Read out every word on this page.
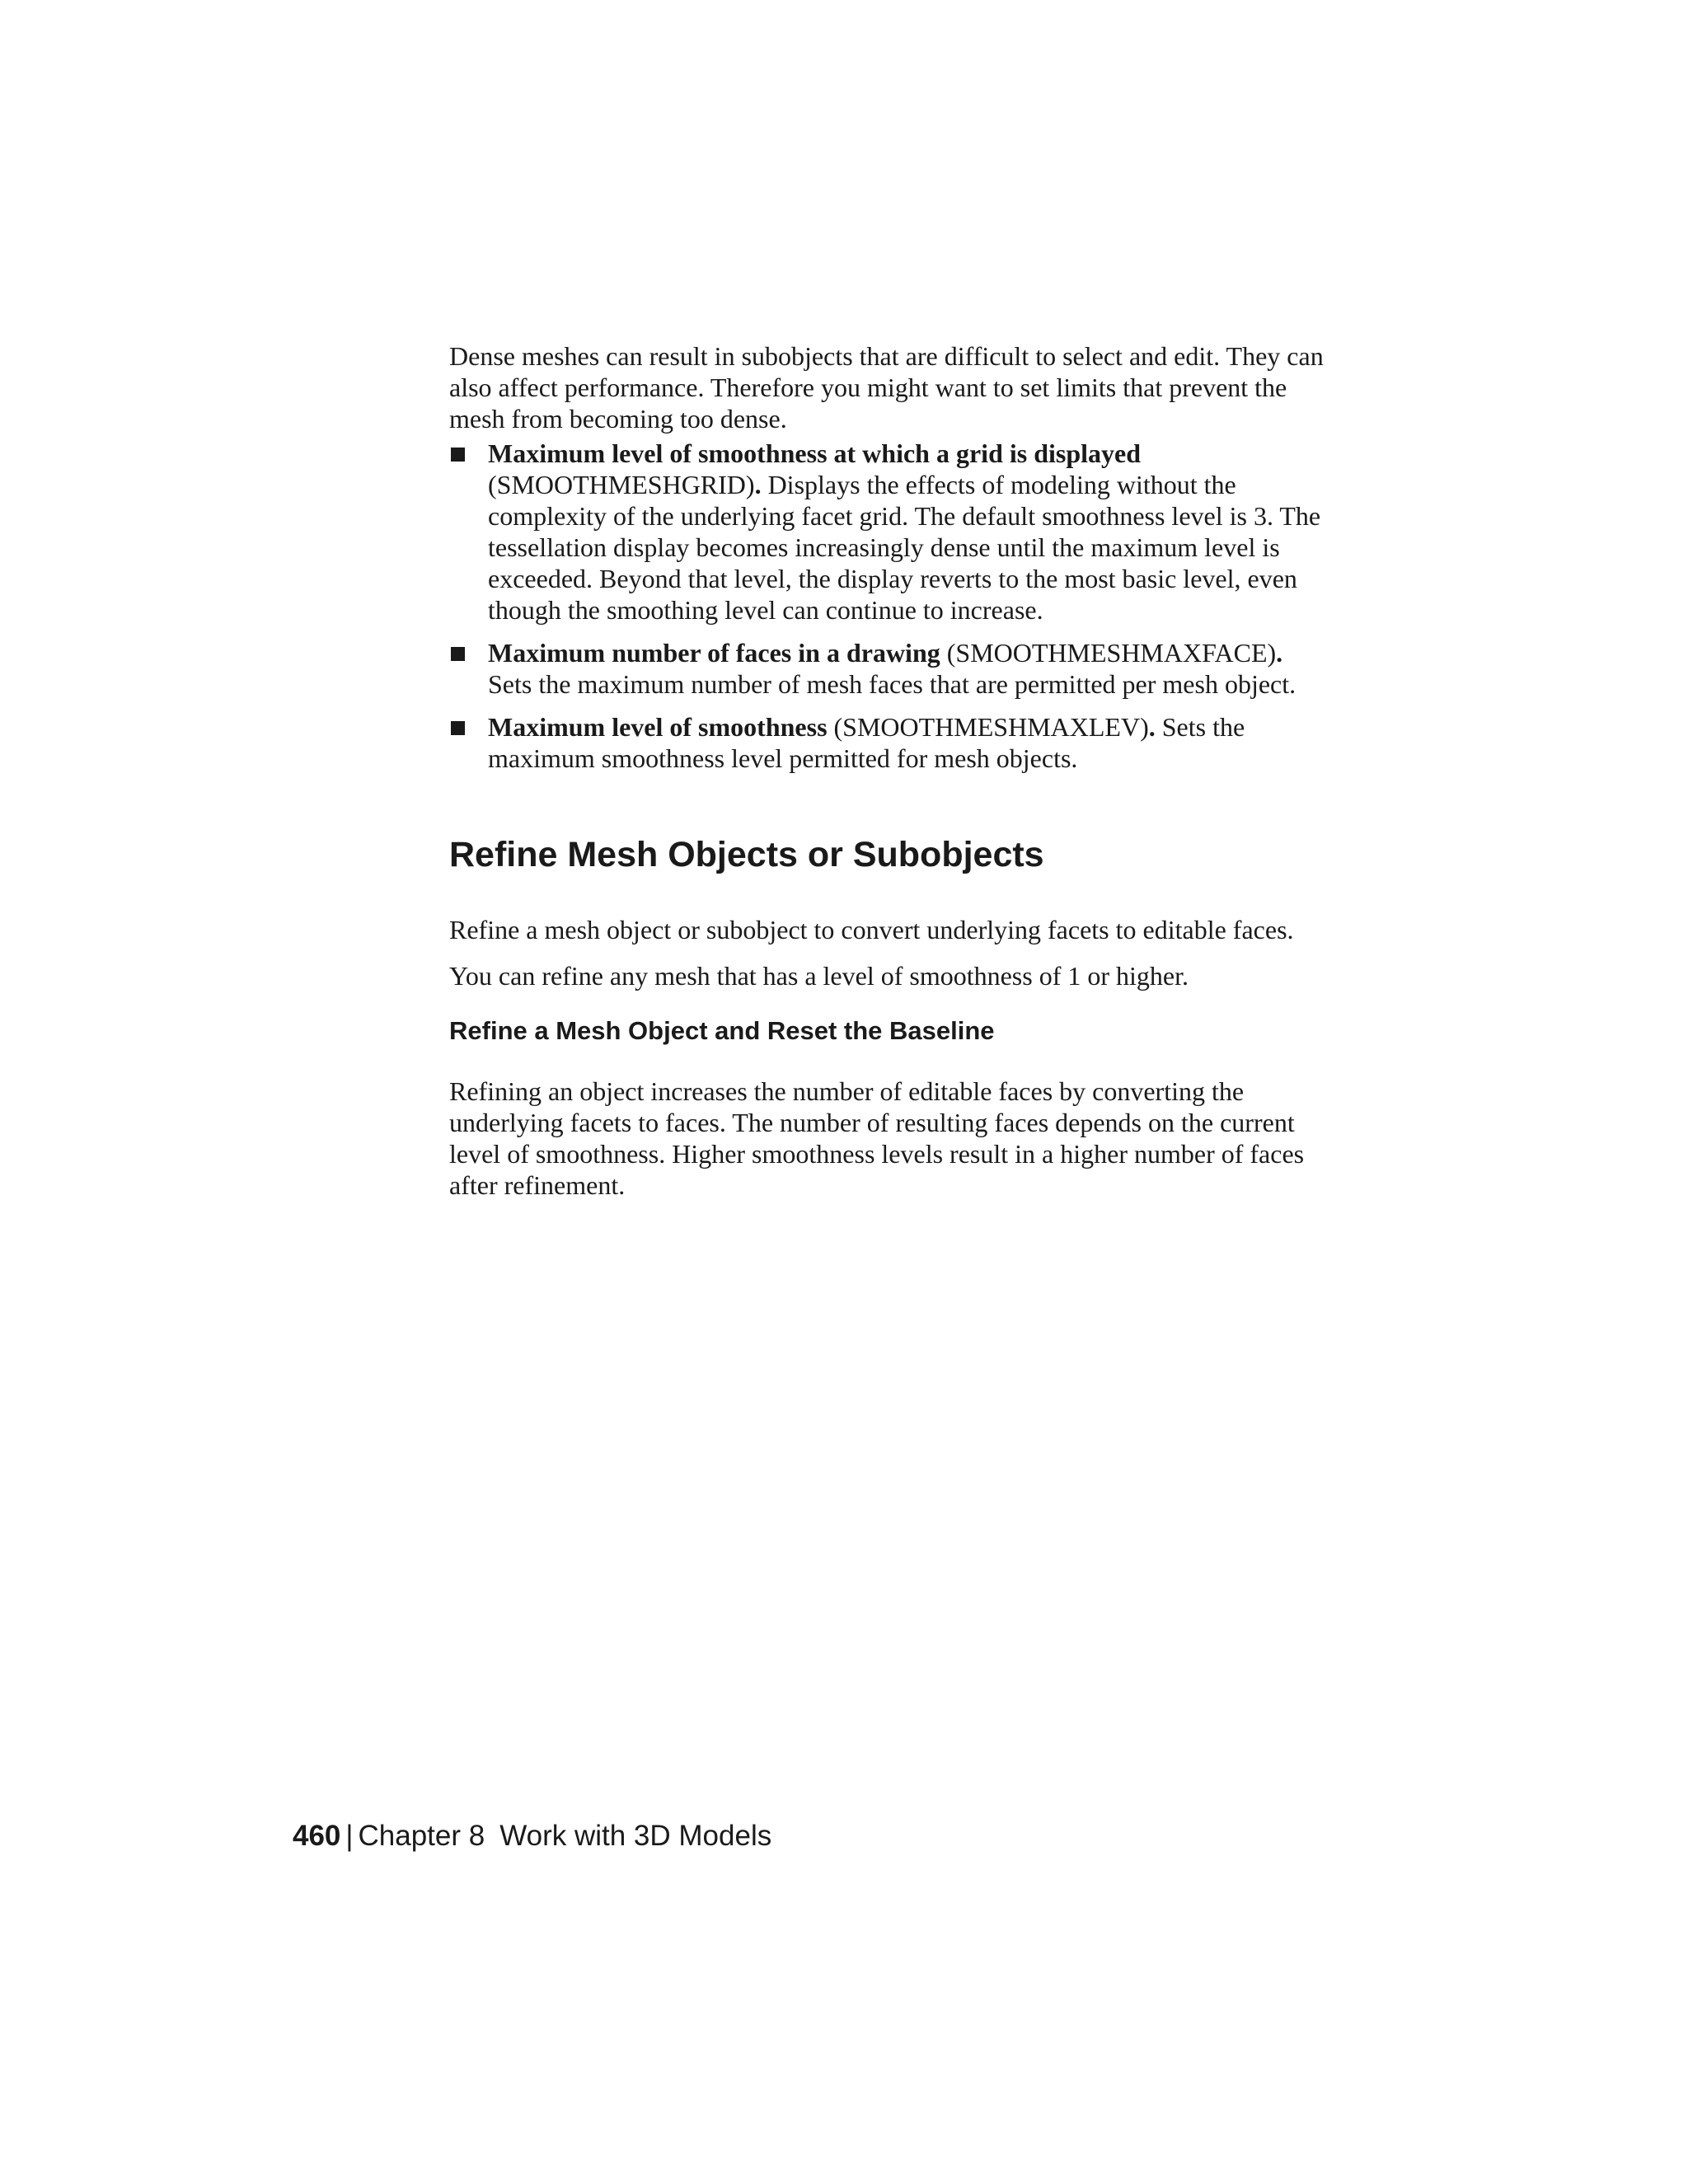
Dense meshes can result in subobjects that are difficult to select and edit. They can also affect performance. Therefore you might want to set limits that prevent the mesh from becoming too dense.

Maximum level of smoothness at which a grid is displayed (SMOOTHMESHGRID). Displays the effects of modeling without the complexity of the underlying facet grid. The default smoothness level is 3. The tessellation display becomes increasingly dense until the maximum level is exceeded. Beyond that level, the display reverts to the most basic level, even though the smoothing level can continue to increase.
Maximum number of faces in a drawing (SMOOTHMESHMAXFACE). Sets the maximum number of mesh faces that are permitted per mesh object.
Maximum level of smoothness (SMOOTHMESHMAXLEV). Sets the maximum smoothness level permitted for mesh objects.
Refine Mesh Objects or Subobjects

Refine a mesh object or subobject to convert underlying facets to editable faces.

You can refine any mesh that has a level of smoothness of 1 or higher.

Refine a Mesh Object and Reset the Baseline

Refining an object increases the number of editable faces by converting the underlying facets to faces. The number of resulting faces depends on the current level of smoothness. Higher smoothness levels result in a higher number of faces after refinement.

460 | Chapter 8 Work with 3D Models
